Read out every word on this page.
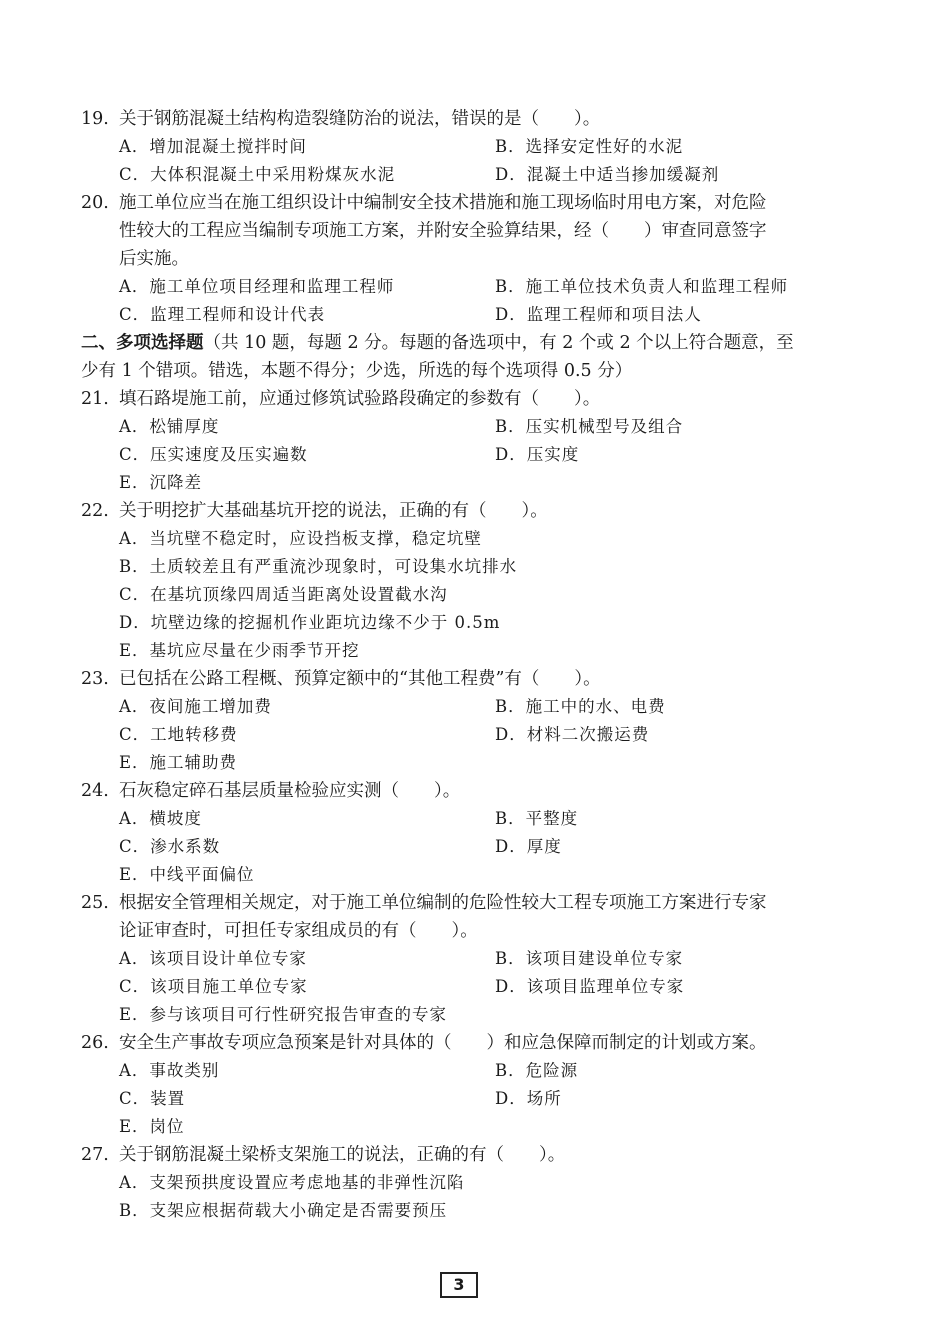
19. 关于钢筋混凝土结构构造裂缝防治的说法，错误的是（　　）。
A．增加混凝土搅拌时间	B．选择安定性好的水泥
C．大体积混凝土中采用粉煤灰水泥	D．混凝土中适当掺加缓凝剂
20. 施工单位应当在施工组织设计中编制安全技术措施和施工现场临时用电方案，对危险
性较大的工程应当编制专项施工方案，并附安全验算结果，经（　　）审查同意签字
后实施。
A．施工单位项目经理和监理工程师	B．施工单位技术负责人和监理工程师
C．监理工程师和设计代表	D．监理工程师和项目法人
二、多项选择题（共 10 题，每题 2 分。每题的备选项中，有 2 个或 2 个以上符合题意，至
少有 1 个错项。错选，本题不得分；少选，所选的每个选项得 0.5 分）
21. 填石路堤施工前，应通过修筑试验路段确定的参数有（　　）。
A．松铺厚度	B．压实机械型号及组合
C．压实速度及压实遍数	D．压实度
E．沉降差
22. 关于明挖扩大基础基坑开挖的说法，正确的有（　　）。
A．当坑壁不稳定时，应设挡板支撑，稳定坑壁
B．土质较差且有严重流沙现象时，可设集水坑排水
C．在基坑顶缘四周适当距离处设置截水沟
D．坑壁边缘的挖掘机作业距坑边缘不少于 0.5m
E．基坑应尽量在少雨季节开挖
23. 已包括在公路工程概、预算定额中的“其他工程费”有（　　）。
A．夜间施工增加费	B．施工中的水、电费
C．工地转移费	D．材料二次搬运费
E．施工辅助费
24. 石灰稳定碎石基层质量检验应实测（　　）。
A．横坡度	B．平整度
C．渗水系数	D．厚度
E．中线平面偏位
25. 根据安全管理相关规定，对于施工单位编制的危险性较大工程专项施工方案进行专家
论证审查时，可担任专家组成员的有（　　）。
A．该项目设计单位专家	B．该项目建设单位专家
C．该项目施工单位专家	D．该项目监理单位专家
E．参与该项目可行性研究报告审查的专家
26. 安全生产事故专项应急预案是针对具体的（　　）和应急保障而制定的计划或方案。
A．事故类别	B．危险源
C．装置	D．场所
E．岗位
27. 关于钢筋混凝土梁桥支架施工的说法，正确的有（　　）。
A．支架预拱度设置应考虑地基的非弹性沉陷
B．支架应根据荷载大小确定是否需要预压
3
